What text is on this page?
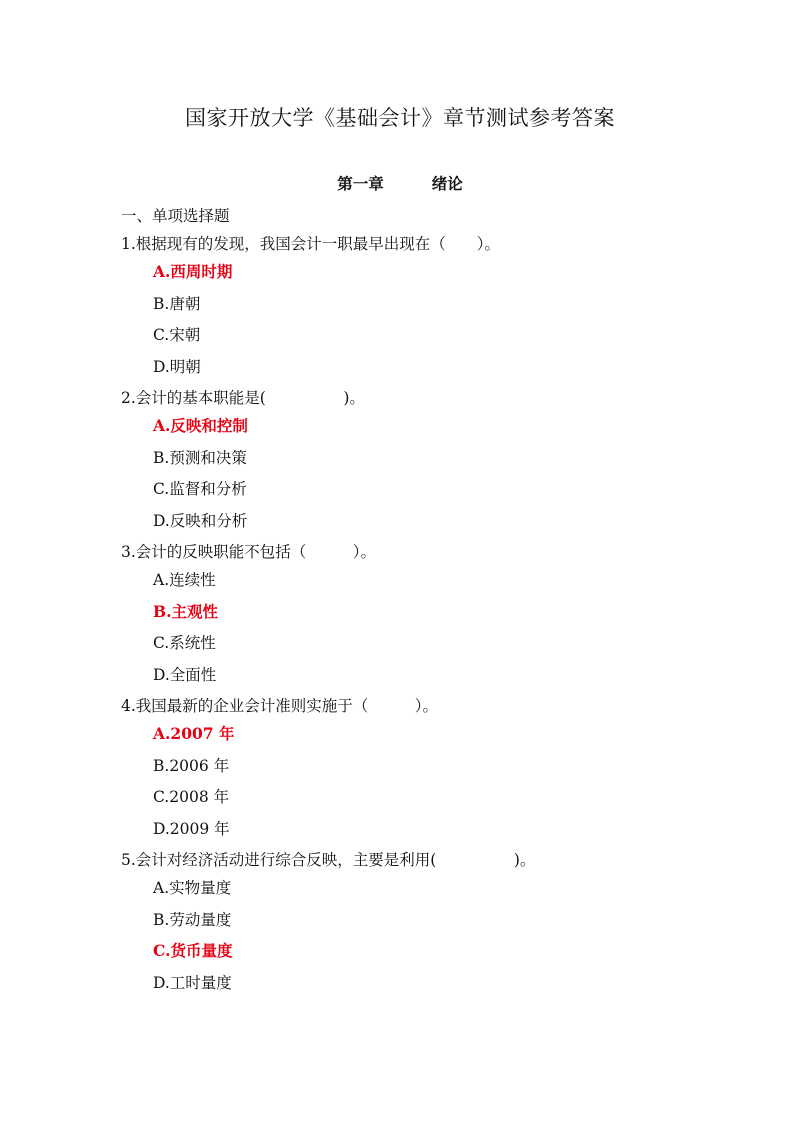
国家开放大学《基础会计》章节测试参考答案
第一章	绪论
一、单项选择题
1.根据现有的发现，我国会计一职最早出现在（　　）。
A.西周时期
B.唐朝
C.宋朝
D.明朝
2.会计的基本职能是(　　　　　)。
A.反映和控制
B.预测和决策
C.监督和分析
D.反映和分析
3.会计的反映职能不包括（　　　）。
A.连续性
B.主观性
C.系统性
D.全面性
4.我国最新的企业会计准则实施于（　　　）。
A.2007 年
B.2006 年
C.2008 年
D.2009 年
5.会计对经济活动进行综合反映，主要是利用(　　　　　)。
A.实物量度
B.劳动量度
C.货币量度
D.工时量度
